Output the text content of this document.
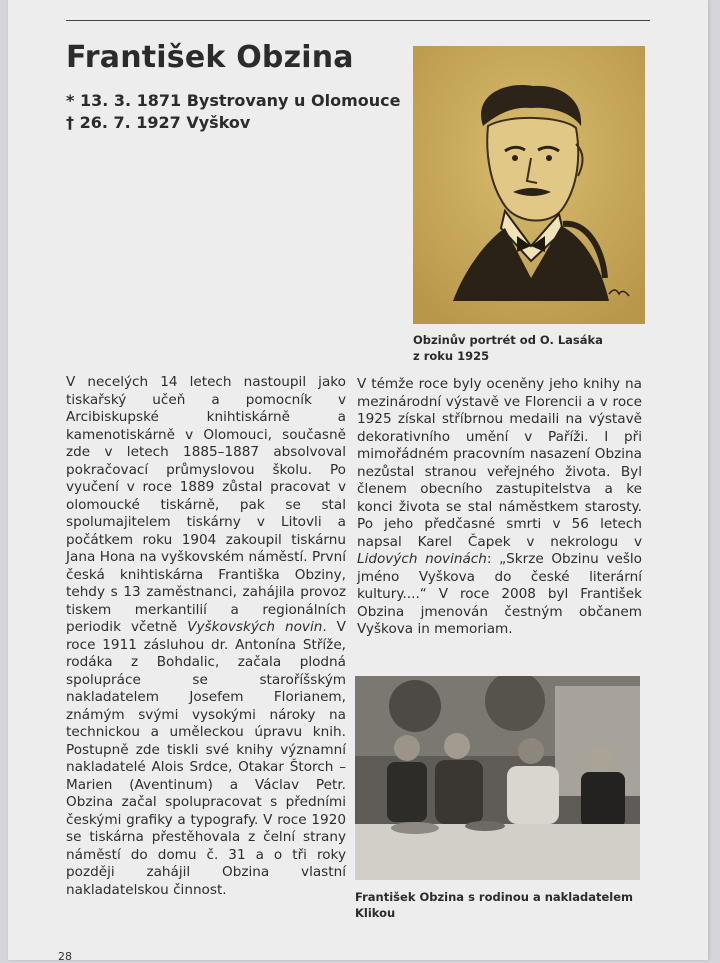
František Obzina
* 13. 3. 1871 Bystrovany u Olomouce
† 26. 7. 1927 Vyškov
Obzinův portrét od O. Lasáka
z roku 1925
V necelých 14 letech nastoupil jako tiskařský učeň a pomocník v Arcibiskupské knihtiskárně a kamenotiskárně v Olomouci, současně zde v letech 1885–1887 absolvoval pokračovací průmyslovou školu. Po vyučení v roce 1889 zůstal pracovat v olomoucké tiskárně, pak se stal spolumajitelem tiskárny v Litovli a počátkem roku 1904 zakoupil tiskárnu Jana Hona na vyškovském náměstí. První česká knihtiskárna Františka Obziny, tehdy s 13 zaměstnanci, zahájila provoz tiskem merkantilií a regionálních periodik včetně Vyškovských novin. V roce 1911 zásluhou dr. Antonína Stříže, rodáka z Bohdalic, začala plodná spolupráce se staroříšským nakladatelem Josefem Florianem, známým svými vysokými nároky na technickou a uměleckou úpravu knih. Postupně zde tiskli své knihy významní nakladatelé Alois Srdce, Otakar Štorch – Marien (Aventinum) a Václav Petr. Obzina začal spolupracovat s předními českými grafiky a typografy. V roce 1920 se tiskárna přestěhovala z čelní strany náměstí do domu č. 31 a o tři roky později zahájil Obzina vlastní nakladatelskou činnost.
V témže roce byly oceněny jeho knihy na mezinárodní výstavě ve Florencii a v roce 1925 získal stříbrnou medaili na výstavě dekorativního umění v Paříži. I při mimořádném pracovním nasazení Obzina nezůstal stranou veřejného života. Byl členem obecního zastupitelstva a ke konci života se stal náměstkem starosty. Po jeho předčasné smrti v 56 letech napsal Karel Čapek v nekrologu v Lidových novinách: „Skrze Obzinu vešlo jméno Vyškova do české literární kultury....“ V roce 2008 byl František Obzina jmenován čestným občanem Vyškova in memoriam.
František Obzina s rodinou a nakladatelem
Klikou
28
